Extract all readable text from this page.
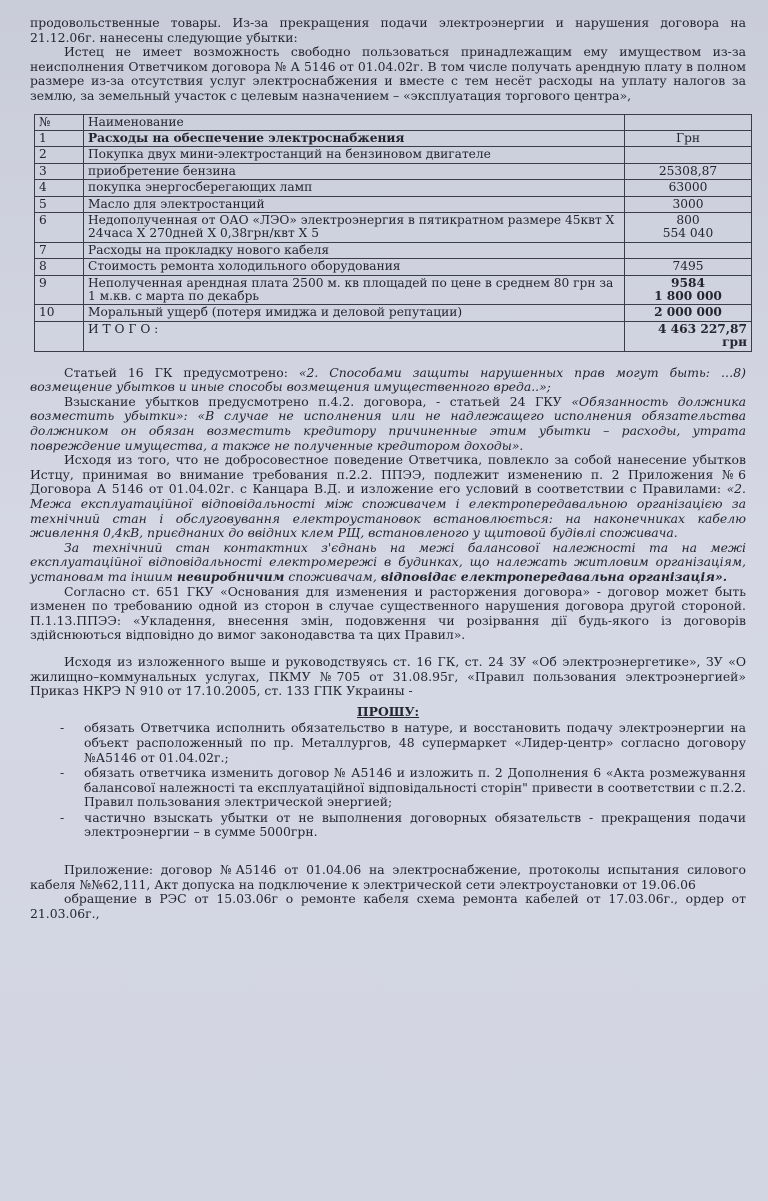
продовольственные товары. Из-за прекращения подачи электроэнергии и нарушения договора на 21.12.06г. нанесены следующие убытки:

Истец не имеет возможность свободно пользоваться принадлежащим ему имуществом из-за неисполнения Ответчиком договора № А 5146 от 01.04.02г. В том числе получать арендную плату в полном размере из-за отсутствия услуг электроснабжения и вместе с тем несёт расходы на уплату налогов за землю, за земельный участок с целевым назначением – «эксплуатация торгового центра»,

№	Наименование	
1	Расходы на обеспечение электроснабжения	Грн
2	Покупка двух мини-электростанций на бензиновом двигателе	
3	приобретение бензина	25308,87
4	покупка энергосберегающих ламп	63000
5	Масло для электростанций	3000
6	Недополученная от ОАО «ЛЭО» электроэнергия в пятикратном размере 45квт Х 24часа Х 270дней Х 0,38грн/квт Х 5	800
554 040
7	Расходы на прокладку нового кабеля	
8	Стоимость ремонта холодильного оборудования	7495
9	Неполученная арендная плата 2500 м. кв площадей по цене в среднем 80 грн за 1 м.кв. с марта по декабрь	9584
1 800 000
10	Моральный ущерб (потеря имиджа и деловой репутации)	2 000 000
	И Т О Г О :	4 463 227,87 грн

Статьей 16 ГК предусмотрено: «2. Способами защиты нарушенных прав могут быть: …8) возмещение убытков и иные способы возмещения имущественного вреда..»;

Взыскание убытков предусмотрено п.4.2. договора, - статьей 24 ГКУ «Обязанность должника возместить убытки»: «В случае не исполнения или не надлежащего исполнения обязательства должником он обязан возместить кредитору причиненные этим убытки – расходы, утрата повреждение имущества, а также не полученные кредитором доходы».

Исходя из того, что не добросовестное поведение Ответчика, повлекло за собой нанесение убытков Истцу, принимая во внимание требования п.2.2. ППЭЭ, подлежит изменению п. 2 Приложения №6 Договора А 5146 от 01.04.02г. с Канцара В.Д. и изложение его условий в соответствии с Правилами: «2. Межа експлуатаційної відповідальності між споживачем і електропередавальною організацією за технічний стан і обслуговування електроустановок встановлюється: на наконечниках кабелю живлення 0,4кВ, приєднаних до ввідних клем РЩ, встановленого у щитовой будівлі споживача.

За технічний стан контактних з'єднань на межі балансової належності та на межі експлуатаційної відповідальності електромережі в будинках, що належать житловим організаціям, установам та іншим невиробничим споживачам, відповідає електропередавальна організація».

Согласно ст. 651 ГКУ «Основания для изменения и расторжения договора» - договор может быть изменен по требованию одной из сторон в случае существенного нарушения договора другой стороной. П.1.13.ППЭЭ: «Укладення, внесення змін, подовження чи розірвання дії будь-якого із договорів здійснюються відповідно до вимог законодавства та цих Правил».

Исходя из изложенного выше и руководствуясь ст. 16 ГК, ст. 24 ЗУ «Об электроэнергетике», ЗУ «О жилищно–коммунальных услугах, ПКМУ №705 от 31.08.95г, «Правил пользования электроэнергией» Приказ НКРЭ N 910 от 17.10.2005, ст. 133 ГПК Украины -

ПРОШУ:

- обязать Ответчика исполнить обязательство в натуре, и восстановить подачу электроэнергии на объект расположенный по пр. Металлургов, 48 супермаркет «Лидер-центр» согласно договору №А5146 от 01.04.02г.;
- обязать ответчика изменить договор № А5146 и изложить п. 2 Дополнения 6 «Акта розмежування балансової належності та експлуатаційної відповідальності сторін" привести в соответствии с п.2.2. Правил пользования электрической энергией;
- частично взыскать убытки от не выполнения договорных обязательств - прекращения подачи электроэнергии – в сумме 5000грн.

Приложение: договор №А5146 от 01.04.06 на электроснабжение, протоколы испытания силового кабеля №№62,111, Акт допуска на подключение к электрической сети электроустановки от 19.06.06

обращение в РЭС от 15.03.06г о ремонте кабеля схема ремонта кабелей от 17.03.06г., ордер от 21.03.06г.,
